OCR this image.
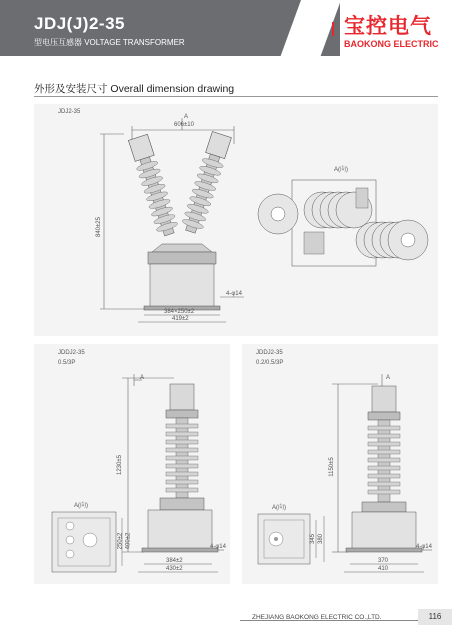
JDJ(J)2-35
型电压互感器 VOLTAGE TRANSFORMER
宝控电气
BAOKONG ELECTRIC
外形及安装尺寸 Overall dimension drawing
JDJ2-35
A
606±10
840±25
4-φ14
384×250±2
419±2
A(向)
JDDJ2-35
0.5/3P
A
1230±5
4-φ14
384±2
430±2
A(向)
250±2 400±2
JDDJ2-35
0.2/0.5/3P
A
1150±5
4-φ14
370
410
A(向)
345 380
ZHEJIANG BAOKONG ELECTRIC CO.,LTD.	116
